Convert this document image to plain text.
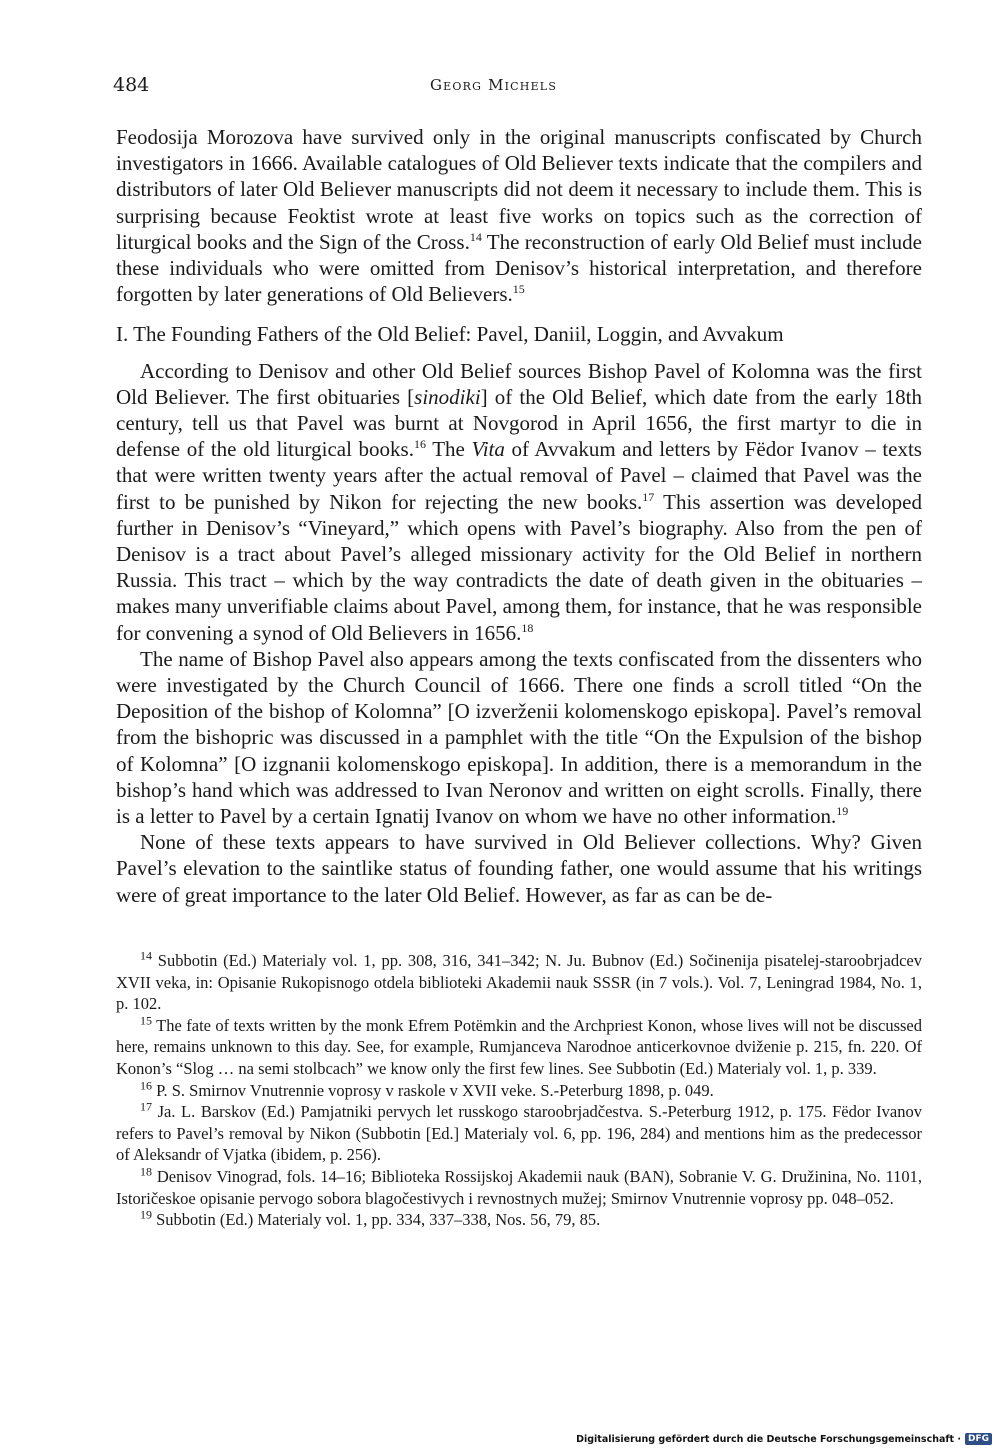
484	Georg Michels

Feodosija Morozova have survived only in the original manuscripts confiscated by Church investigators in 1666. Available catalogues of Old Believer texts indicate that the compilers and distributors of later Old Believer manuscripts did not deem it necessary to include them. This is surprising because Feoktist wrote at least five works on topics such as the correction of liturgical books and the Sign of the Cross.$^{14}$ The reconstruction of early Old Belief must include these individuals who were omitted from Denisov’s historical interpretation, and therefore forgotten by later generations of Old Believers.$^{15}$

I. The Founding Fathers of the Old Belief: Pavel, Daniil, Loggin, and Avvakum

According to Denisov and other Old Belief sources Bishop Pavel of Kolomna was the first Old Believer. The first obituaries [sinodiki] of the Old Belief, which date from the early 18th century, tell us that Pavel was burnt at Novgorod in April 1656, the first martyr to die in defense of the old liturgical books.$^{16}$ The Vita of Avvakum and letters by Fëdor Ivanov – texts that were written twenty years after the actual removal of Pavel – claimed that Pavel was the first to be punished by Nikon for rejecting the new books.$^{17}$ This assertion was developed further in Denisov’s “Vineyard,” which opens with Pavel’s biography. Also from the pen of Denisov is a tract about Pavel’s alleged missionary activity for the Old Belief in northern Russia. This tract – which by the way contradicts the date of death given in the obituaries – makes many unverifiable claims about Pavel, among them, for instance, that he was responsible for convening a synod of Old Believers in 1656.18

The name of Bishop Pavel also appears among the texts confiscated from the dissenters who were investigated by the Church Council of 1666. There one finds a scroll titled “On the Deposition of the bishop of Kolomna” [O izverženii kolomenskogo episkopa]. Pavel’s removal from the bishopric was discussed in a pamphlet with the title “On the Expulsion of the bishop of Kolomna” [O izgnanii kolomenskogo episkopa]. In addition, there is a memorandum in the bishop’s hand which was addressed to Ivan Neronov and written on eight scrolls. Finally, there is a letter to Pavel by a certain Ignatij Ivanov on whom we have no other information.$^{19}$

None of these texts appears to have survived in Old Believer collections. Why? Given Pavel’s elevation to the saintlike status of founding father, one would assume that his writings were of great importance to the later Old Belief. However, as far as can be de-

$^{14}$ Subbotin (Ed.) Materialy vol. 1, pp. 308, 316, 341–342; N. Ju. Bubnov (Ed.) Sočinenija pisatelej-staroobrjadcev XVII veka, in: Opisanie Rukopisnogo otdela biblioteki Akademii nauk SSSR (in 7 vols.). Vol. 7, Leningrad 1984, No. 1, p. 102.

$^{15}$ The fate of texts written by the monk Efrem Potëmkin and the Archpriest Konon, whose lives will not be discussed here, remains unknown to this day. See, for example, Rumjanceva Narodnoe anticerkovnoe dviženie p. 215, fn. 220. Of Konon’s “Slog … na semi stolbcach” we know only the first few lines. See Subbotin (Ed.) Materialy vol. 1, p. 339.

$^{16}$ P. S. Smirnov Vnutrennie voprosy v raskole v XVII veke. S.-Peterburg 1898, p. 049.

$^{17}$ Ja. L. Barskov (Ed.) Pamjatniki pervych let russkogo staroobrjadčestva. S.-Peterburg 1912, p. 175. Fëdor Ivanov refers to Pavel’s removal by Nikon (Subbotin [Ed.] Materialy vol. 6, pp. 196, 284) and mentions him as the predecessor of Aleksandr of Vjatka (ibidem, p. 256).

$^{18}$ Denisov Vinograd, fols. 14–16; Biblioteka Rossijskoj Akademii nauk (BAN), Sobranie V. G. Družinina, No. 1101, Istoričeskoe opisanie pervogo sobora blagočestivych i revnostnych mužej; Smirnov Vnutrennie voprosy pp. 048–052.

$^{19}$ Subbotin (Ed.) Materialy vol. 1, pp. 334, 337–338, Nos. 56, 79, 85.

Digitalisierung gefördert durch die Deutsche Forschungsgemeinschaft · DFG
